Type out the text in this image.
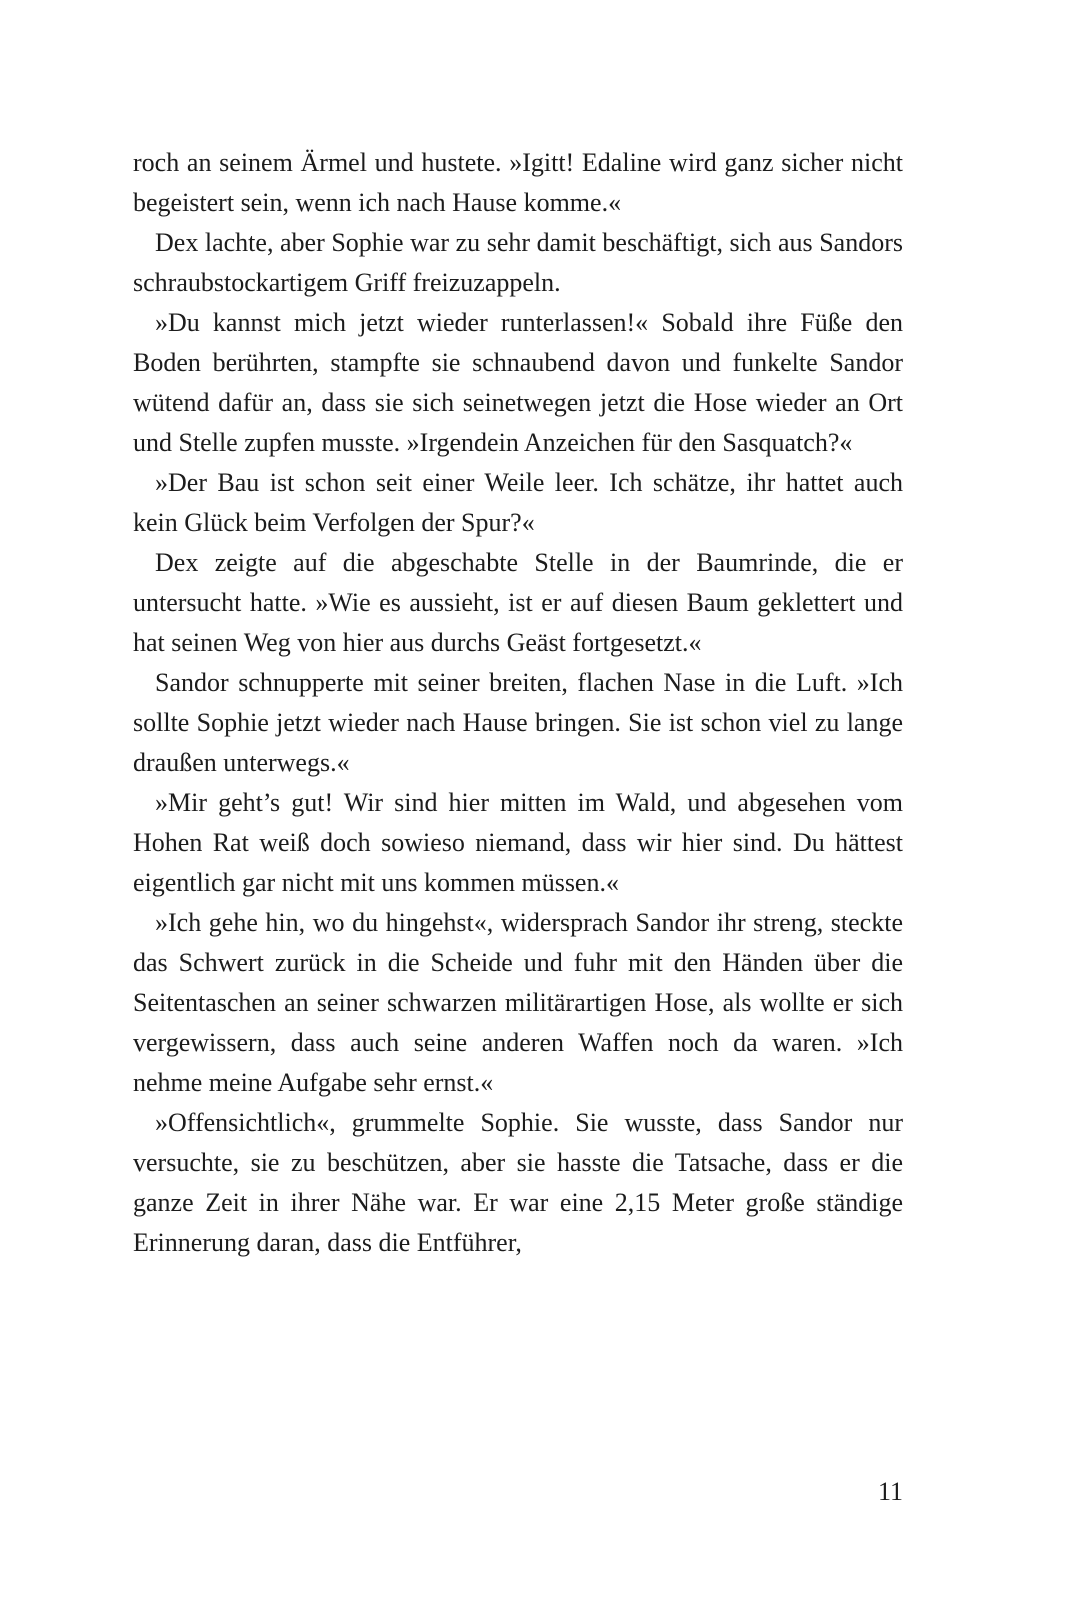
roch an seinem Ärmel und hustete. »Igitt! Edaline wird ganz sicher nicht begeistert sein, wenn ich nach Hause komme.«

Dex lachte, aber Sophie war zu sehr damit beschäftigt, sich aus Sandors schraubstockartigem Griff freizuzappeln.

»Du kannst mich jetzt wieder runterlassen!« Sobald ihre Füße den Boden berührten, stampfte sie schnaubend davon und funkelte Sandor wütend dafür an, dass sie sich seinetwegen jetzt die Hose wieder an Ort und Stelle zupfen musste. »Irgendein Anzeichen für den Sasquatch?«

»Der Bau ist schon seit einer Weile leer. Ich schätze, ihr hattet auch kein Glück beim Verfolgen der Spur?«

Dex zeigte auf die abgeschabte Stelle in der Baumrinde, die er untersucht hatte. »Wie es aussieht, ist er auf diesen Baum geklettert und hat seinen Weg von hier aus durchs Geäst fortgesetzt.«

Sandor schnupperte mit seiner breiten, flachen Nase in die Luft. »Ich sollte Sophie jetzt wieder nach Hause bringen. Sie ist schon viel zu lange draußen unterwegs.«

»Mir geht’s gut! Wir sind hier mitten im Wald, und abgesehen vom Hohen Rat weiß doch sowieso niemand, dass wir hier sind. Du hättest eigentlich gar nicht mit uns kommen müssen.«

»Ich gehe hin, wo du hingehst«, widersprach Sandor ihr streng, steckte das Schwert zurück in die Scheide und fuhr mit den Händen über die Seitentaschen an seiner schwarzen militärartigen Hose, als wollte er sich vergewissern, dass auch seine anderen Waffen noch da waren. »Ich nehme meine Aufgabe sehr ernst.«

»Offensichtlich«, grummelte Sophie. Sie wusste, dass Sandor nur versuchte, sie zu beschützen, aber sie hasste die Tatsache, dass er die ganze Zeit in ihrer Nähe war. Er war eine 2,15 Meter große ständige Erinnerung daran, dass die Entführer,

11
